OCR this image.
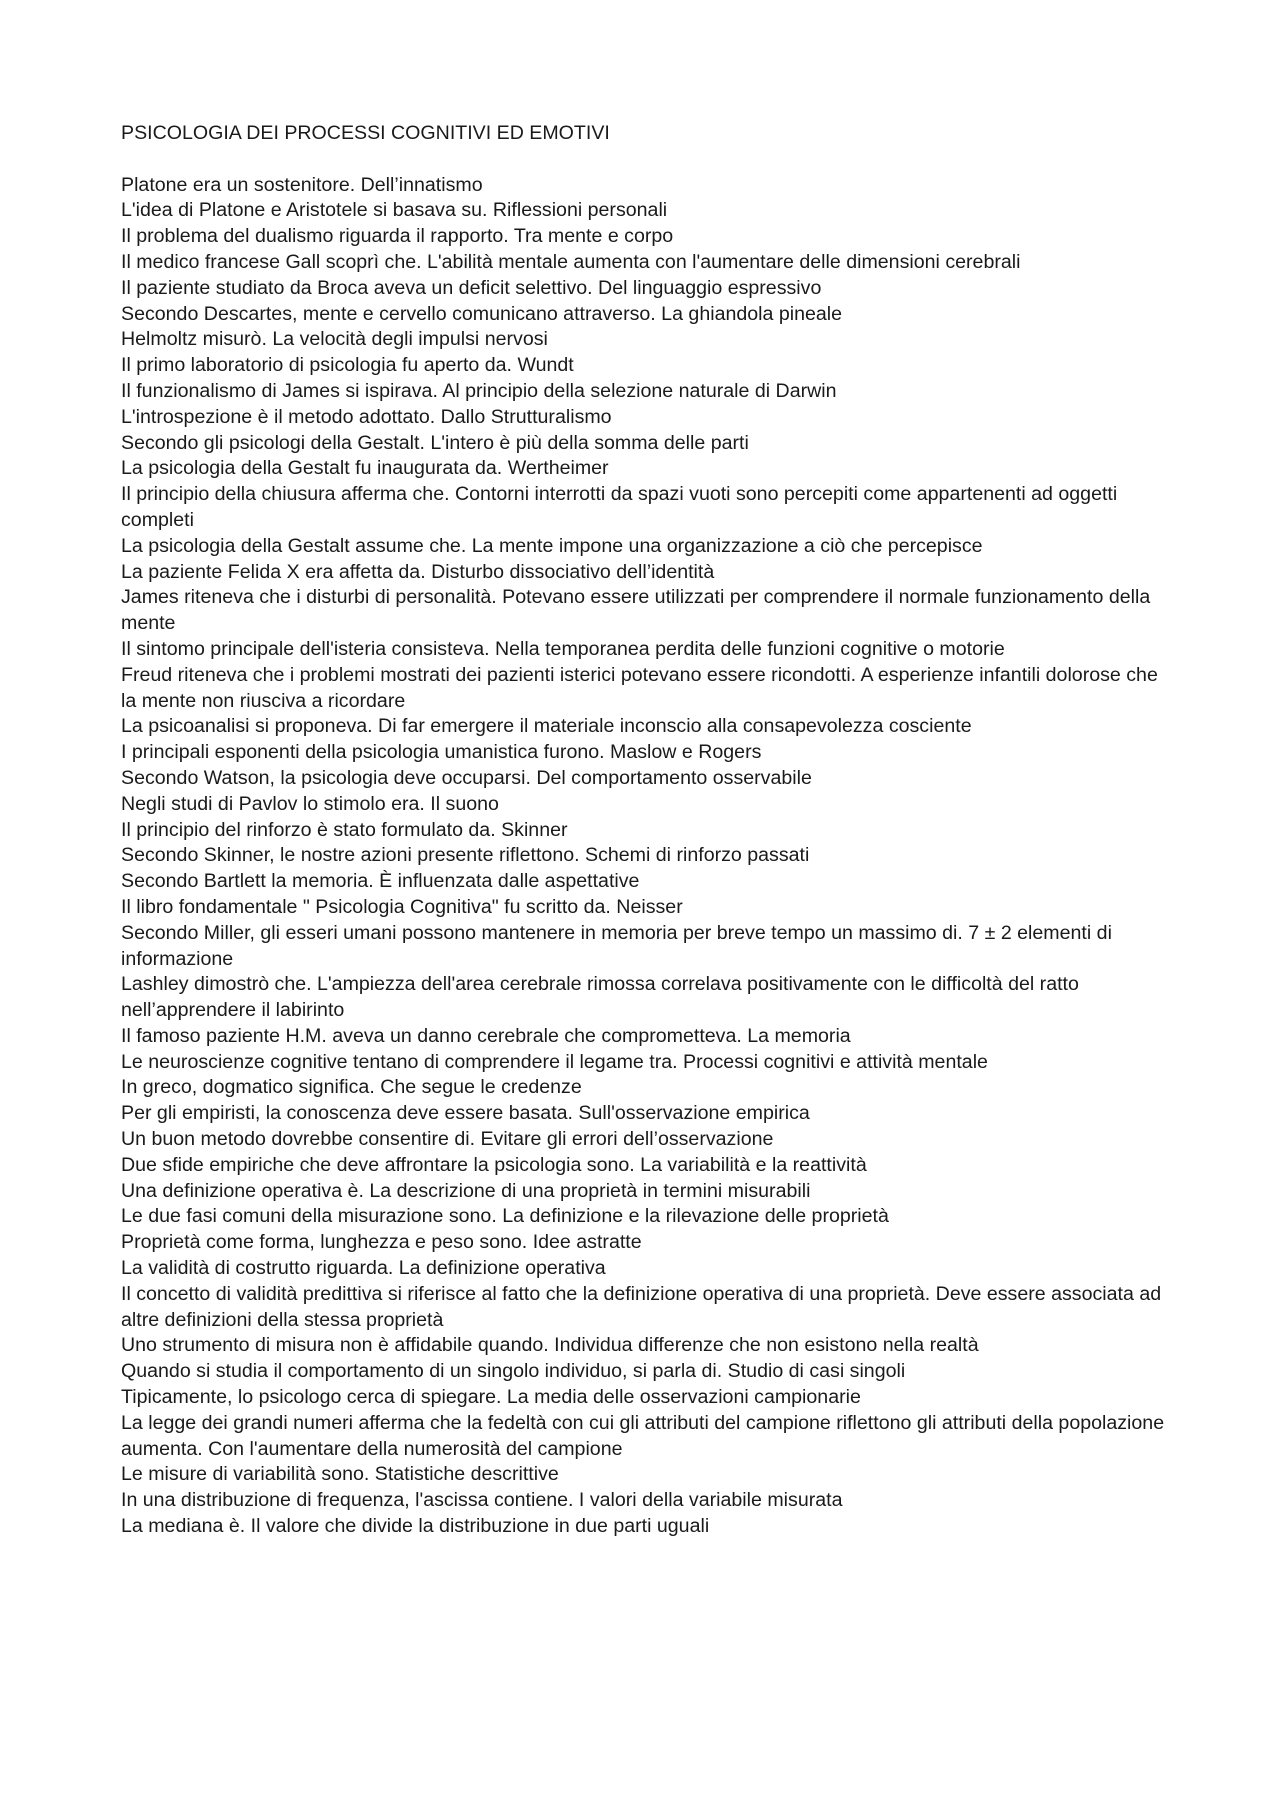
PSICOLOGIA DEI PROCESSI COGNITIVI ED EMOTIVI
Platone era un sostenitore. Dell’innatismo
L'idea di Platone e Aristotele si basava su. Riflessioni personali
Il problema del dualismo riguarda il rapporto. Tra mente e corpo
Il medico francese Gall scoprì che. L'abilità mentale aumenta con l'aumentare delle dimensioni cerebrali
Il paziente studiato da Broca aveva un deficit selettivo. Del linguaggio espressivo
Secondo Descartes, mente e cervello comunicano attraverso. La ghiandola pineale
Helmoltz misurò. La velocità degli impulsi nervosi
Il primo laboratorio di psicologia fu aperto da. Wundt
Il funzionalismo di James si ispirava. Al principio della selezione naturale di Darwin
L'introspezione è il metodo adottato. Dallo Strutturalismo
Secondo gli psicologi della Gestalt. L'intero è più della somma delle parti
La psicologia della Gestalt fu inaugurata da. Wertheimer
Il principio della chiusura afferma che. Contorni interrotti da spazi vuoti sono percepiti come appartenenti ad oggetti completi
La psicologia della Gestalt assume che. La mente impone una organizzazione a ciò che percepisce
La paziente Felida X era affetta da. Disturbo dissociativo dell’identità
James riteneva che i disturbi di personalità. Potevano essere utilizzati per comprendere il normale funzionamento della mente
Il sintomo principale dell'isteria consisteva. Nella temporanea perdita delle funzioni cognitive o motorie
Freud riteneva che i problemi mostrati dei pazienti isterici potevano essere ricondotti. A esperienze infantili dolorose che la mente non riusciva a ricordare
La psicoanalisi si proponeva. Di far emergere il materiale inconscio alla consapevolezza cosciente
I principali esponenti della psicologia umanistica furono. Maslow e Rogers
Secondo Watson, la psicologia deve occuparsi. Del comportamento osservabile
Negli studi di Pavlov lo stimolo era. Il suono
Il principio del rinforzo è stato formulato da. Skinner
Secondo Skinner, le nostre azioni presente riflettono. Schemi di rinforzo passati
Secondo Bartlett la memoria. È influenzata dalle aspettative
Il libro fondamentale " Psicologia Cognitiva" fu scritto da. Neisser
Secondo Miller, gli esseri umani possono mantenere in memoria per breve tempo un massimo di. 7 ± 2 elementi di informazione
Lashley dimostrò che. L'ampiezza dell'area cerebrale rimossa correlava positivamente con le difficoltà del ratto nell’apprendere il labirinto
Il famoso paziente H.M. aveva un danno cerebrale che comprometteva. La memoria
Le neuroscienze cognitive tentano di comprendere il legame tra. Processi cognitivi e attività mentale
In greco, dogmatico significa. Che segue le credenze
Per gli empiristi, la conoscenza deve essere basata. Sull'osservazione empirica
Un buon metodo dovrebbe consentire di. Evitare gli errori dell’osservazione
Due sfide empiriche che deve affrontare la psicologia sono. La variabilità e la reattività
Una definizione operativa è. La descrizione di una proprietà in termini misurabili
Le due fasi comuni della misurazione sono. La definizione e la rilevazione delle proprietà
Proprietà come forma, lunghezza e peso sono. Idee astratte
La validità di costrutto riguarda. La definizione operativa
Il concetto di validità predittiva si riferisce al fatto che la definizione operativa di una proprietà. Deve essere associata ad altre definizioni della stessa proprietà
Uno strumento di misura non è affidabile quando. Individua differenze che non esistono nella realtà
Quando si studia il comportamento di un singolo individuo, si parla di. Studio di casi singoli
Tipicamente, lo psicologo cerca di spiegare. La media delle osservazioni campionarie
La legge dei grandi numeri afferma che la fedeltà con cui gli attributi del campione riflettono gli attributi della popolazione aumenta. Con l'aumentare della numerosità del campione
Le misure di variabilità sono. Statistiche descrittive
In una distribuzione di frequenza, l'ascissa contiene. I valori della variabile misurata
La mediana è. Il valore che divide la distribuzione in due parti uguali
